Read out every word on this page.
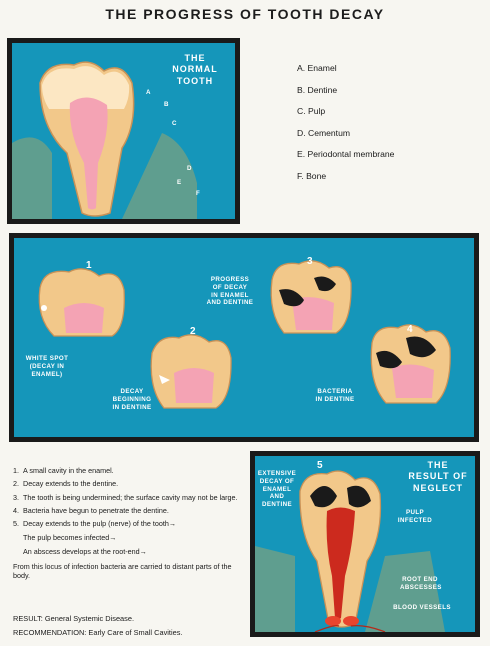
THE PROGRESS OF TOOTH DECAY
THE
NORMAL
TOOTH
A
B
C
D
E
F
A. Enamel
B. Dentine
C. Pulp
D. Cementum
E. Periodontal membrane
F. Bone
1
2
3
4
WHITE SPOT
(DECAY IN
ENAMEL)
DECAY
BEGINNING
IN DENTINE
PROGRESS
OF DECAY
IN ENAMEL
AND DENTINE
BACTERIA
IN DENTINE
1. A small cavity in the enamel.
2. Decay extends to the dentine.
3. The tooth is being undermined; the surface cavity may not be large.
4. Bacteria have begun to penetrate the dentine.
5. Decay extends to the pulp (nerve) of the tooth→
The pulp becomes infected→
An abscess develops at the root-end→
From this locus of infection bacteria are carried to distant parts of the body.
RESULT: General Systemic Disease.
RECOMMENDATION: Early Care of Small Cavities.
5	THE
RESULT OF
NEGLECT
EXTENSIVE
DECAY OF
ENAMEL
AND
DENTINE
PULP
INFECTED
ROOT END
ABSCESSES
BLOOD VESSELS
